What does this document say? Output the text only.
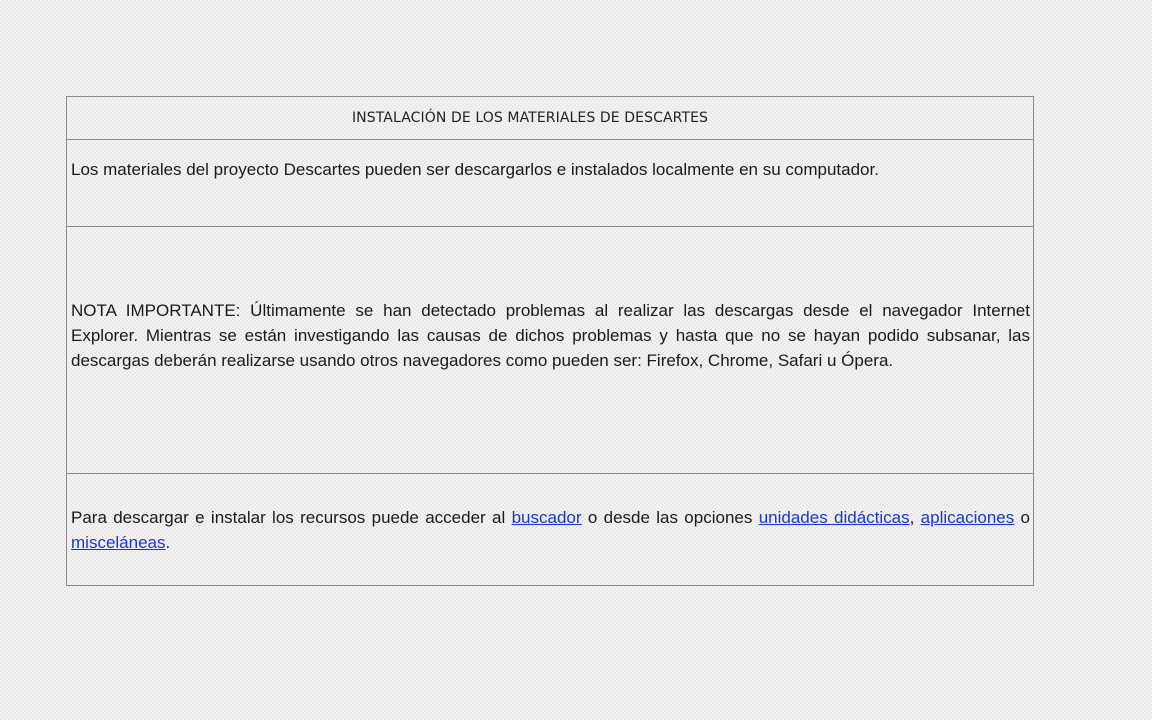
INSTALACIÓN DE LOS MATERIALES DE DESCARTES

Los materiales del proyecto Descartes pueden ser descargarlos e instalados localmente en su computador.

NOTA IMPORTANTE: Últimamente se han detectado problemas al realizar las descargas desde el navegador Internet Explorer. Mientras se están investigando las causas de dichos problemas y hasta que no se hayan podido subsanar, las descargas deberán realizarse usando otros navegadores como pueden ser: Firefox, Chrome, Safari u Ópera.

Para descargar e instalar los recursos puede acceder al buscador o desde las opciones unidades didácticas, aplicaciones o misceláneas.
